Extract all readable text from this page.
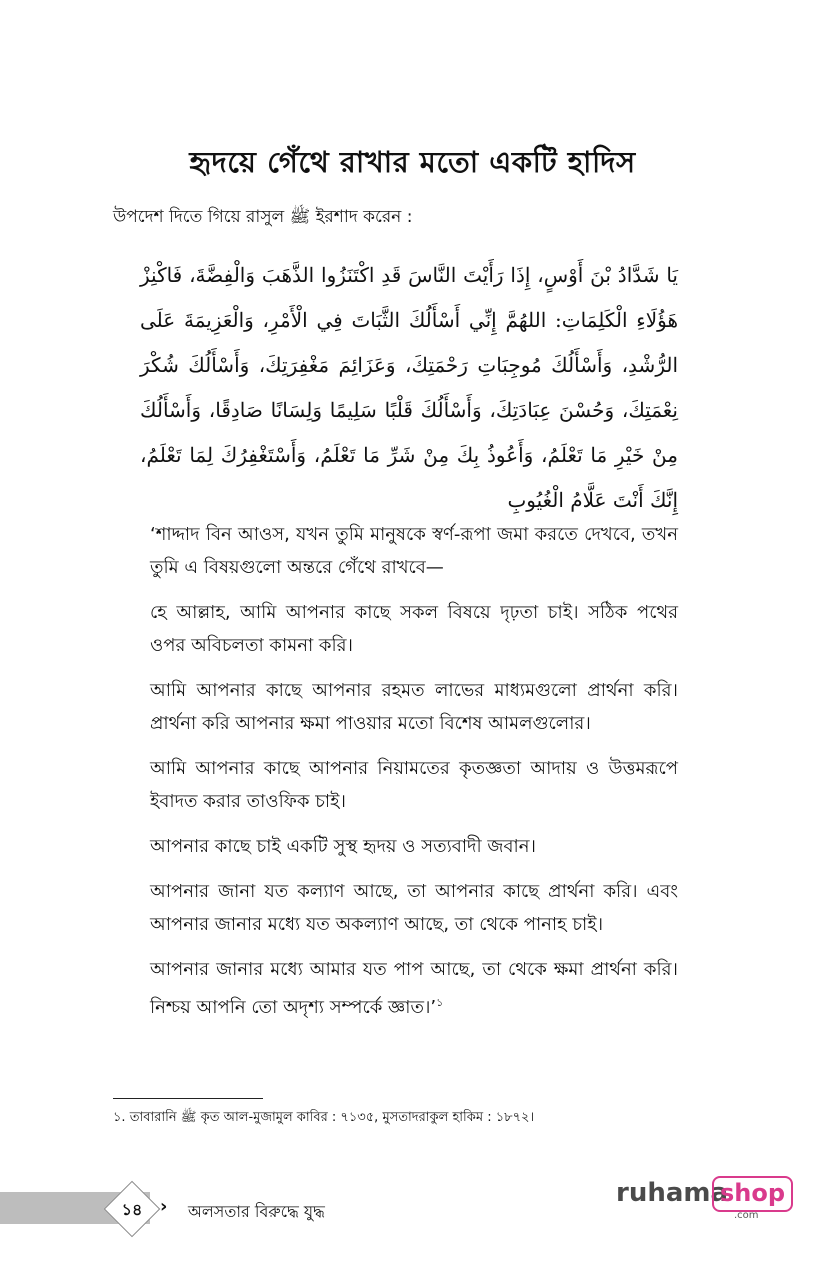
হৃদয়ে গেঁথে রাখার মতো একটি হাদিস
উপদেশ দিতে গিয়ে রাসুল ﷺ ইরশাদ করেন :
يَا شَدَّادُ بْنَ أَوْسٍ، إِذَا رَأَيْتَ النَّاسَ قَدِ اكْتَنَزُوا الذَّهَبَ وَالْفِضَّةَ، فَاكْنِزْ هَؤُلَاءِ الْكَلِمَاتِ: اللهُمَّ إِنِّي أَسْأَلُكَ الثَّبَاتَ فِي الْأَمْرِ، وَالْعَزِيمَةَ عَلَى الرُّشْدِ، وَأَسْأَلُكَ مُوجِبَاتِ رَحْمَتِكَ، وَعَزَائِمَ مَغْفِرَتِكَ، وَأَسْأَلُكَ شُكْرَ نِعْمَتِكَ، وَحُسْنَ عِبَادَتِكَ، وَأَسْأَلُكَ قَلْبًا سَلِيمًا وَلِسَانًا صَادِقًا، وَأَسْأَلُكَ مِنْ خَيْرِ مَا تَعْلَمُ، وَأَعُوذُ بِكَ مِنْ شَرِّ مَا تَعْلَمُ، وَأَسْتَغْفِرُكَ لِمَا تَعْلَمُ، إِنَّكَ أَنْتَ عَلَّامُ الْغُيُوبِ

‘শাদ্দাদ বিন আওস, যখন তুমি মানুষকে স্বর্ণ-রূপা জমা করতে দেখবে, তখন তুমি এ বিষয়গুলো অন্তরে গেঁথে রাখবে—

হে আল্লাহ, আমি আপনার কাছে সকল বিষয়ে দৃঢ়তা চাই। সঠিক পথের ওপর অবিচলতা কামনা করি।

আমি আপনার কাছে আপনার রহমত লাভের মাধ্যমগুলো প্রার্থনা করি। প্রার্থনা করি আপনার ক্ষমা পাওয়ার মতো বিশেষ আমলগুলোর।

আমি আপনার কাছে আপনার নিয়ামতের কৃতজ্ঞতা আদায় ও উত্তমরূপে ইবাদত করার তাওফিক চাই।

আপনার কাছে চাই একটি সুস্থ হৃদয় ও সত্যবাদী জবান।

আপনার জানা যত কল্যাণ আছে, তা আপনার কাছে প্রার্থনা করি। এবং আপনার জানার মধ্যে যত অকল্যাণ আছে, তা থেকে পানাহ চাই।

আপনার জানার মধ্যে আমার যত পাপ আছে, তা থেকে ক্ষমা প্রার্থনা করি। নিশ্চয় আপনি তো অদৃশ্য সম্পর্কে জ্ঞাত।’$^১$

১. তাবারানি ﷺ কৃত আল-মুজামুল কাবির : ৭১৩৫, মুসতাদরাকুল হাকিম : ১৮৭২।
১৪ › অলসতার বিরুদ্ধে যুদ্ধ
ruhama
shop
.com
